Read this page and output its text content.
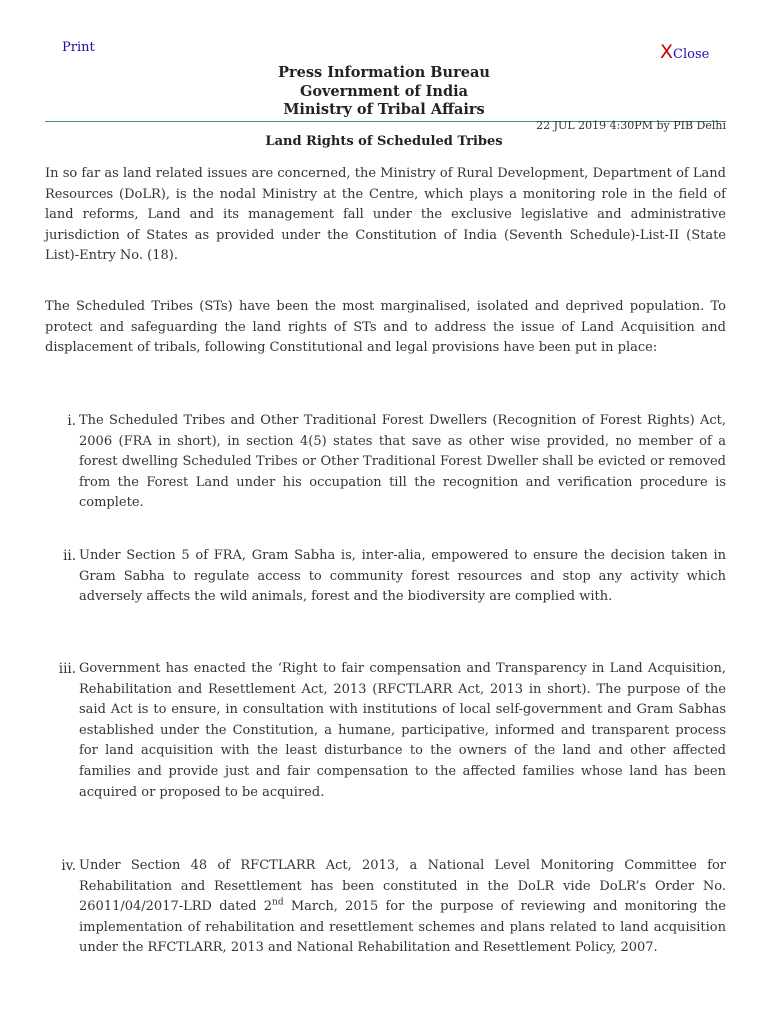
Print	XClose
Press Information Bureau
Government of India
Ministry of Tribal Affairs
22 JUL 2019 4:30PM by PIB Delhi
Land Rights of Scheduled Tribes

In so far as land related issues are concerned, the Ministry of Rural Development, Department of Land Resources (DoLR), is the nodal Ministry at the Centre, which plays a monitoring role in the field of land reforms, Land and its management fall under the exclusive legislative and administrative jurisdiction of States as provided under the Constitution of India (Seventh Schedule)-List-II (State List)-Entry No. (18).

The Scheduled Tribes (STs) have been the most marginalised, isolated and deprived population. To protect and safeguarding the land rights of STs and to address the issue of Land Acquisition and displacement of tribals, following Constitutional and legal provisions have been put in place:

i. The Scheduled Tribes and Other Traditional Forest Dwellers (Recognition of Forest Rights) Act, 2006 (FRA in short), in section 4(5) states that save as other wise provided, no member of a forest dwelling Scheduled Tribes or Other Traditional Forest Dweller shall be evicted or removed from the Forest Land under his occupation till the recognition and verification procedure is complete.
ii. Under Section 5 of FRA, Gram Sabha is, inter-alia, empowered to ensure the decision taken in Gram Sabha to regulate access to community forest resources and stop any activity which adversely affects the wild animals, forest and the biodiversity are complied with.
iii. Government has enacted the ‘Right to fair compensation and Transparency in Land Acquisition, Rehabilitation and Resettlement Act, 2013 (RFCTLARR Act, 2013 in short). The purpose of the said Act is to ensure, in consultation with institutions of local self-government and Gram Sabhas established under the Constitution, a humane, participative, informed and transparent process for land acquisition with the least disturbance to the owners of the land and other affected families and provide just and fair compensation to the affected families whose land has been acquired or proposed to be acquired.
iv. Under Section 48 of RFCTLARR Act, 2013, a National Level Monitoring Committee for Rehabilitation and Resettlement has been constituted in the DoLR vide DoLR’s Order No. 26011/04/2017-LRD dated 2nd March, 2015 for the purpose of reviewing and monitoring the implementation of rehabilitation and resettlement schemes and plans related to land acquisition under the RFCTLARR, 2013 and National Rehabilitation and Resettlement Policy, 2007.
